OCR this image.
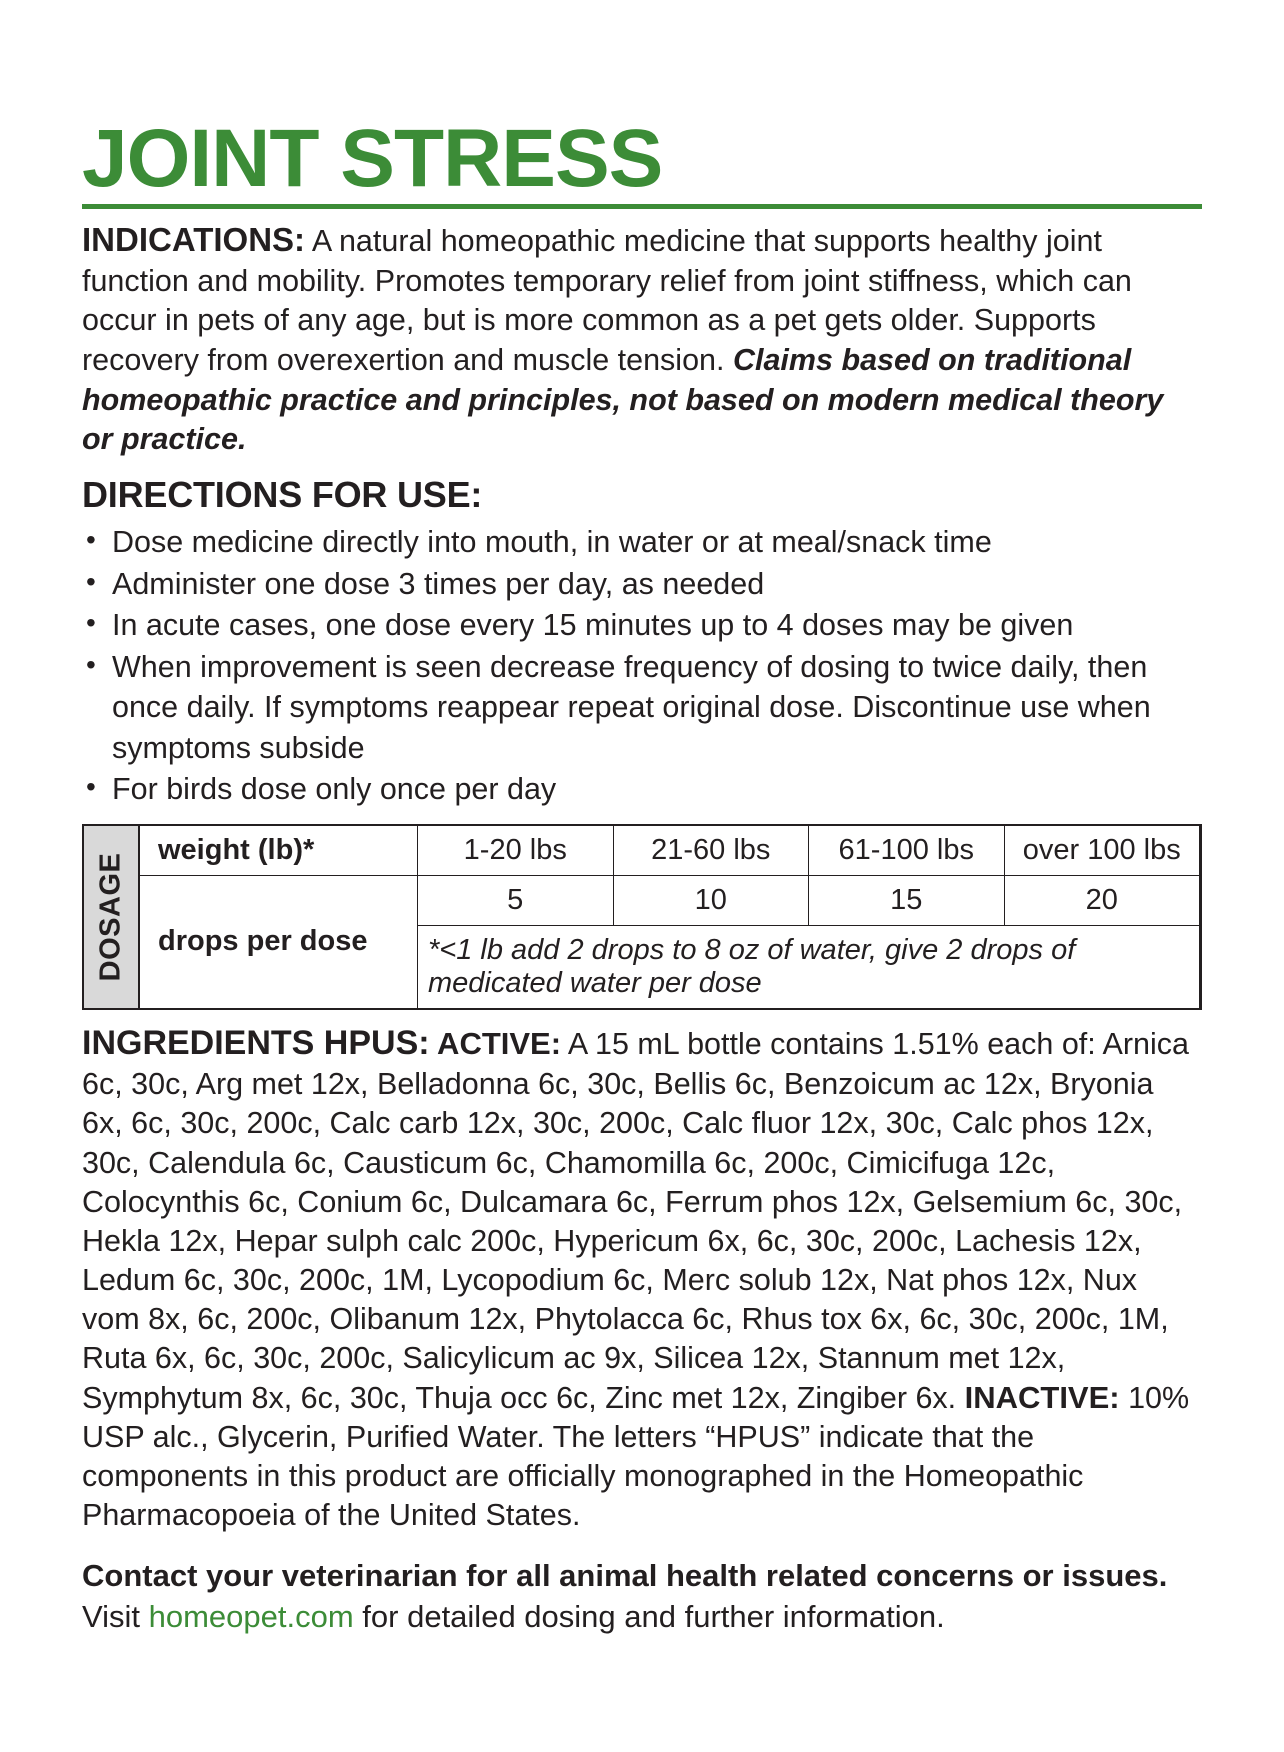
JOINT STRESS

INDICATIONS: A natural homeopathic medicine that supports healthy joint function and mobility. Promotes temporary relief from joint stiffness, which can occur in pets of any age, but is more common as a pet gets older. Supports recovery from overexertion and muscle tension. Claims based on traditional homeopathic practice and principles, not based on modern medical theory or practice.

DIRECTIONS FOR USE:
• Dose medicine directly into mouth, in water or at meal/snack time
• Administer one dose 3 times per day, as needed
• In acute cases, one dose every 15 minutes up to 4 doses may be given
• When improvement is seen decrease frequency of dosing to twice daily, then once daily. If symptoms reappear repeat original dose. Discontinue use when symptoms subside
• For birds dose only once per day
DOSAGE
weight (lb)*	1-20 lbs	21-60 lbs	61-100 lbs	over 100 lbs
drops per dose	5	10	15	20
	*<1 lb add 2 drops to 8 oz of water, give 2 drops of medicated water per dose			

INGREDIENTS HPUS: ACTIVE: A 15 mL bottle contains 1.51% each of: Arnica 6c, 30c, Arg met 12x, Belladonna 6c, 30c, Bellis 6c, Benzoicum ac 12x, Bryonia 6x, 6c, 30c, 200c, Calc carb 12x, 30c, 200c, Calc fluor 12x, 30c, Calc phos 12x, 30c, Calendula 6c, Causticum 6c, Chamomilla 6c, 200c, Cimicifuga 12c, Colocynthis 6c, Conium 6c, Dulcamara 6c, Ferrum phos 12x, Gelsemium 6c, 30c, Hekla 12x, Hepar sulph calc 200c, Hypericum 6x, 6c, 30c, 200c, Lachesis 12x, Ledum 6c, 30c, 200c, 1M, Lycopodium 6c, Merc solub 12x, Nat phos 12x, Nux vom 8x, 6c, 200c, Olibanum 12x, Phytolacca 6c, Rhus tox 6x, 6c, 30c, 200c, 1M, Ruta 6x, 6c, 30c, 200c, Salicylicum ac 9x, Silicea 12x, Stannum met 12x, Symphytum 8x, 6c, 30c, Thuja occ 6c, Zinc met 12x, Zingiber 6x. INACTIVE: 10% USP alc., Glycerin, Purified Water. The letters “HPUS” indicate that the components in this product are officially monographed in the Homeopathic Pharmacopoeia of the United States.

Contact your veterinarian for all animal health related concerns or issues.

Visit homeopet.com for detailed dosing and further information.
